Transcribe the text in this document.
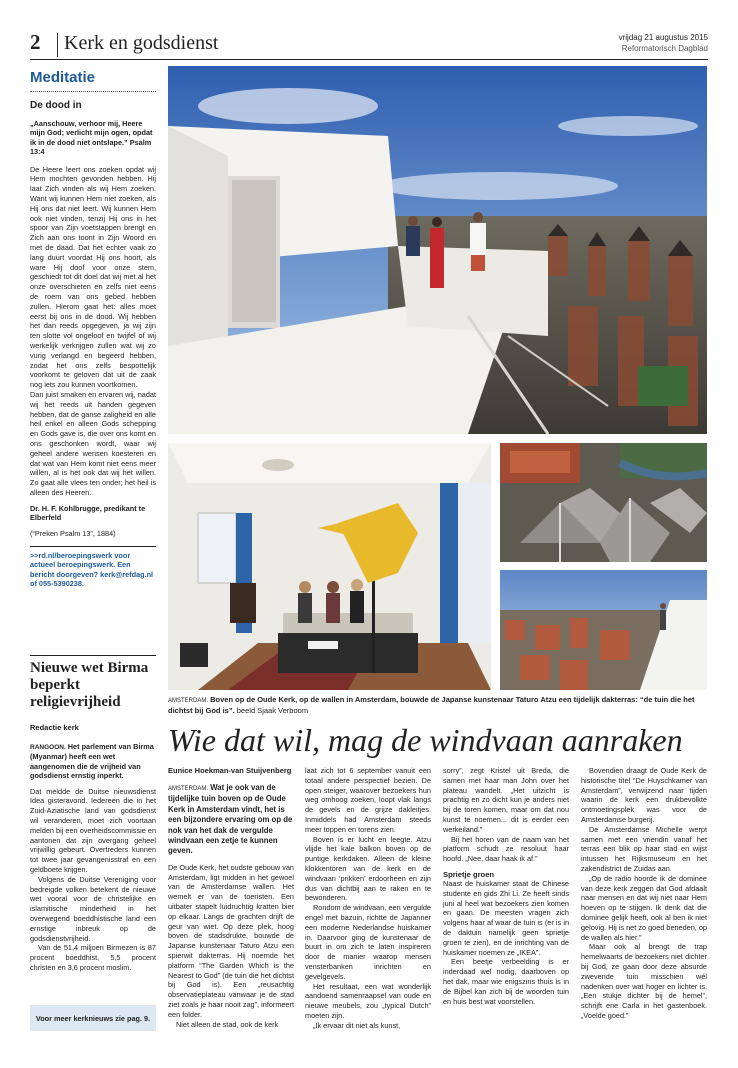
2 Kerk en godsdienst	vrijdag 21 augustus 2015
Reformatorisch Dagblad
Meditatie
De dood in

„Aanschouw, verhoor mij, Heere mijn God; verlicht mijn ogen, opdat ik in de dood niet ontslape.” Psalm 13:4

De Heere leert ons zoeken opdat wij Hem mochten gevonden hebben. Hij laat Zich vinden als wij Hem zoeken. Want wij kunnen Hem niet zoeken, als Hij ons dat niet leert. Wij kunnen Hem ook niet vinden, tenzij Hij ons in het spoor van Zijn voetstappen brengt en Zich aan ons toont in Zijn Woord en met de daad. Dat het echter vaak zo lang duurt voordat Hij ons hoort, als ware Hij doof voor onze stem, geschiedt tot dit doel dat wij met al het onze overschieten en zelfs niet eens de roem van ons gebed hebben zullen. Hierom gaat het: alles moet eerst bij ons in de dood. Wij hebben het dan reeds opgegeven, ja wij zijn ten slotte vol ongeloof en twijfel of wij werkelijk verkrijgen zullen wat wij zo vurig verlangd en begeerd hebben, zodat het ons zelfs bespottelijk voorkomt te geloven dat uit de zaak nog iets zou kunnen voortkomen.

Dan juist smaken en ervaren wij, nadat wij het reeds uit handen gegeven hebben, dat de ganse zaligheid en alle heil enkel en alleen Gods schepping en Gods gave is, die over ons komt en ons geschonken wordt, waar wij geheel andere wensen koesteren en dat wat van Hem komt niet eens meer willen, al is het ook dat wij het willen. Zo gaat alle vlees ten onder; het heil is alleen des Heeren.

Dr. H. F. Kohlbrugge, predikant te Elberfeld

(“Preken Psalm 13”, 1884)

>>rd.nl/beroepingswerk voor actueel beroepingswerk. Een bericht doorgeven? kerk@refdag.nl of 055-5390238.

Nieuwe wet Birma beperkt religievrijheid
Redactie kerk

RANGOON. Het parlement van Birma (Myanmar) heeft een wet aangenomen die de vrijheid van godsdienst ernstig inperkt.

Dat meldde de Duitse nieuwsdienst Idea gisteravond. Iedereen die in het Zuid-Aziatische land van godsdienst wil veranderen, moet zich voortaan melden bij een overheidscommissie en aantonen dat zijn overgang geheel vrijwillig gebeurt. Overtreders kunnen tot twee jaar gevangenisstraf en een geldboete krijgen.

Volgens de Duitse Vereniging voor bedreigde volken betekent de nieuwe wet vooral voor de christelijke en islamitische minderheid in het overwegend boeddhistische land een ernstige inbreuk op de godsdienstvrijheid.

Van de 51,4 miljoen Birmezen is 87 procent boeddhist, 5,5 procent christen en 3,6 procent moslim.

Voor meer kerknieuws zie pag. 9.
AMSTERDAM. Boven op de Oude Kerk, op de wallen in Amsterdam, bouwde de Japanse kunstenaar Taturo Atzu een tijdelijk dakterras: “de tuin die het dichtst bij God is”. beeld Sjaak Verboom
Wie dat wil, mag de windvaan aanraken
Eunice Hoekman-van Stuijvenberg

AMSTERDAM. Wat je ook van de tijdelijke tuin boven op de Oude Kerk in Amsterdam vindt, het is een bijzondere ervaring om op de nok van het dak de vergulde windvaan een zetje te kunnen geven.

De Oude Kerk, het oudste gebouw van Amsterdam, ligt midden in het gewoel van de Amsterdamse wallen. Het wemelt er van de toeristen. Een uitbater stapelt luidruchtig kratten bier op elkaar. Langs de grachten drijft de geur van wiet. Op deze plek, hoog boven de stadsdrukte, bouwde de Japanse kunstenaar Taturo Atzu een spierwit dakterras. Hij noemde het platform “The Garden Which is the Nearest to God” (de tuin die het dichtst bij God is). Een „reusachtig observatieplateau vanwaar je de stad ziet zoals je haar nooit zag”, informeert een folder.

Niet alleen de stad, ook de kerk

laat zich tot 6 september vanuit een totaal andere perspectief bezien. De open steiger, waarover bezoekers hun weg omhoog zoeken, loopt vlak langs de gevels en de grijze dakleitjes. Inmiddels had Amsterdam steeds meer toppen en torens zien.

Boven is er lucht en leegte. Atzu vlijde het kale balkon boven op de puntige kerkdaken. Alleen de kleine klokkentoren van de kerk en de windvaan ‘prikken’ erdoorheen en zijn dus van dichtbij aan te raken en te bewonderen.

Rondom de windvaan, een vergulde engel met bazuin, richtte de Japanner een moderne Nederlandse huiskamer in. Daarvoor ging de kunstenaar de buurt in om zich te laten inspireren door de manier waarop mensen vensterbanken inrichten en gevelgevels.

Het resultaat, een wat wonderlijk aandoend samenraapsel van oude en nieuwe meubels, zou „typical Dutch” moeten zijn.

„Ik ervaar dit niet als kunst,

sorry”, zegt Kristel uit Breda, die samen met haar man John over het plateau wandelt. „Het uitzicht is prachtig en zo dicht kun je anders niet bij de toren komen, maar om dat nou kunst te noemen... dit is eerder een werkeiland.”

Bij het horen van de naam van het platform schudt ze resoluut haar hoofd. „Nee, daar haak ik af.”

Sprietje groen

Naast de huiskamer staat de Chinese studente en gids Zhi Li. Ze heeft sinds juni al heel wat bezoekers zien komen en gaan. De meesten vragen zich volgens haar af waar de tuin is (er is in de daktuin namelijk geen sprietje groen te zien), en de inrichting van de huiskamer noemen ze „IKEA”.

Een beetje verbeelding is er inderdaad wel nodig, daarboven op het dak, maar wie enigszins thuis is in de Bijbel kan zich bij de woorden tuin en huis best wat voorstellen.

Bovendien draagt de Oude Kerk de historische titel “De Huyschkamer van Amsterdam”, verwijzend naar tijden waarin de kerk een drukbevolkte ontmoetingsplek was voor de Amsterdamse burgerij.

De Amsterdamse Michelle werpt samen met een vriendin vanaf het terras een blik op haar stad en wijst intussen het Rijksmuseum en het zakendistrict de Zuidas aan.

„Op de radio hoorde ik de dominee van deze kerk zeggen dat God afdaalt naar mensen en dat wij niet naar Hem hoeven op te stijgen. Ik denk dat die dominee gelijk heeft, ook al ben ik niet gelovig. Hij is net zo goed beneden, op de wallen als hier.”

Maar ook al brengt de trap hemelwaarts de bezoekers niet dichter bij God, ze gaan door deze absurde zwevende tuin misschien wél nadenken over wat hoger en lichter is. „Een stukje dichter bij de hemel”, schrijft ene Carla in het gastenboek. „Voelde goed.”
